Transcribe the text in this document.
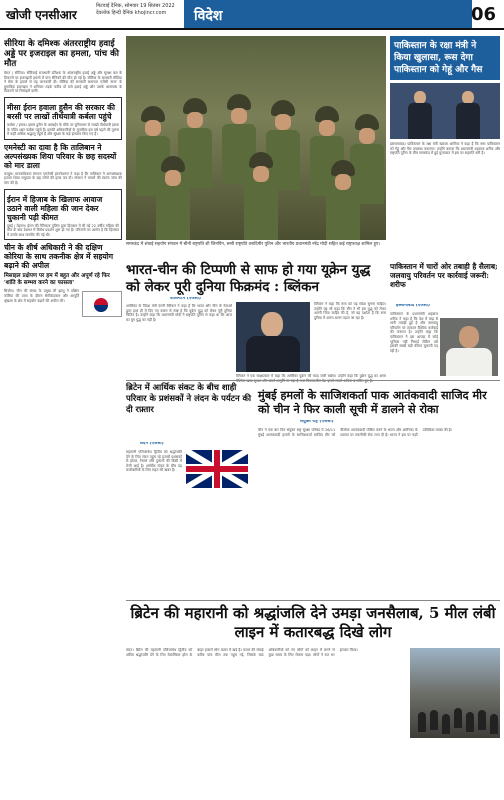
खोजी एनसीआर
मिटवाई दैनिक, सोमवार 19 सितंबर 2022
देवलोक हिन्दी दैनिक khojincr.com	विदेश	06
सीरिया के दमिश्क अंतरराष्ट्रीय हवाई अड्डे पर इजराइल का हमला, पांच की मौत
बेरुत / सीरिया। सीरियाई राजधानी दमिश्क के अंतरराष्ट्रीय हवाई अड्डे और सुरक्षा बल के ठिकानों पर इजराइली हमलों में पांच सैनिकों की मौत हो गई है। सीरिया के सरकारी मीडिया ने सेना के हवाले से यह जानकारी दी। सीरिया की सरकारी समाचार एजेंसी 'सना' के मुताबिक इजराइल ने शनिवार तड़के करीब दो बजे हवाई अड्डे और उसके आसपास के ठिकानों पर मिसाइलें दागीं।
मीसा ईरान हवाला हुसैन की सरकार की बरसी पर लाखों तीर्थयात्री कर्बला पहुंचे
कर्बला / इराक। इमाम हुसैन के अरबईन के मौके पर दुनियाभर से लाखों तीर्थयात्री इराक के पवित्र शहर कर्बला पहुंचे हैं। इराकी अधिकारियों के मुताबिक इस वर्ष पहले की तुलना में कहीं अधिक श्रद्धालु पहुंचे हैं और सुरक्षा के कड़े इंतजाम किए गए हैं।
एमनेस्टी का दावा है कि तालिबान ने अल्पसंख्यक शिया परिवार के छह सदस्यों को मार डाला
काबुल। मानवाधिकार संगठन एमनेस्टी इंटरनेशनल ने कहा है कि तालिबान ने अल्पसंख्यक हजारा शिया समुदाय के छह लोगों की हत्या कर दी। संगठन ने मामले की स्वतंत्र जांच की मांग की है।
ईरान में हिजाब के खिलाफ आवाज उठाने वाली महिला की जान देकर चुकानी पड़ी कीमत
दुबई / तेहरान। ईरान की नैतिकता पुलिस द्वारा हिरासत में ली गई 22 वर्षीय महिला की मौत के बाद देशभर में विरोध प्रदर्शन शुरू हो गए हैं। परिजनों का आरोप है कि हिरासत में उसके साथ मारपीट की गई थी।
चीन के शीर्ष अधिकारी ने की दक्षिण कोरिया के साथ तकनीक क्षेत्र में सहयोग बढ़ाने की अपील
मिसाइल प्रक्षेपण पर हम में बहुत और अपूर्ण रहे फिर 'शांति के सम्भव करने का फासला'
सियोल। चीन की संसद के प्रमुख ली झांशु ने दक्षिण कोरिया की यात्रा के दौरान सेमीकंडक्टर और आपूर्ति श्रृंखला के क्षेत्र में सहयोग बढ़ाने की अपील की।
समरकंद में शंघाई सहयोग संगठन में चीनी राष्ट्रपति शी जिनपिंग, रूसी राष्ट्रपति व्लादिमीर पुतिन और भारतीय प्रधानमंत्री नरेंद्र मोदी सहित कई राष्ट्राध्यक्ष शामिल हुए।
पाकिस्तान के रक्षा मंत्री ने किया खुलासा, रूस देगा पाकिस्तान को गेहूं और गैस
इस्लामाबाद। पाकिस्तान के रक्षा मंत्री ख्वाजा आसिफ ने कहा है कि रूस पाकिस्तान को गेहूं और गैस उपलब्ध कराएगा। उन्होंने बताया कि प्रधानमंत्री शहबाज शरीफ और राष्ट्रपति पुतिन के बीच समरकंद में हुई मुलाकात में इस पर सहमति बनी है।
भारत-चीन की टिप्पणी से साफ हो गया यूक्रेन युद्ध को लेकर पूरी दुनिया फिक्रमंद : ब्लिंकन
वॉशिंगटन (एजेंसी)
अमेरिका के विदेश मंत्री एंटनी ब्लिंकन ने कहा है कि भारत और चीन के नेताओं द्वारा हाल ही में दिए गए बयान से स्पष्ट है कि यूक्रेन युद्ध को लेकर पूरी दुनिया चिंतित है। उन्होंने कहा कि प्रधानमंत्री मोदी ने राष्ट्रपति पुतिन से कहा था कि आज का युग युद्ध का नहीं है।
ब्लिंकन ने कहा कि रूस को यह संदेश सुनना चाहिए। उन्होंने यह भी कहा कि चीन ने भी इस युद्ध को लेकर अपनी चिंता जाहिर की है, जो यह दर्शाता है कि रूस दुनिया में अलग-थलग पड़ता जा रहा है।
ब्लिंकन ने एक साक्षात्कार में कहा कि अमेरिका यूक्रेन की मदद जारी रखेगा। उन्होंने कहा कि यूक्रेन युद्ध का असर
पाकिस्तान में चारों ओर तबाही है सैलाब; जलवायु परिवर्तन पर कार्रवाई जरूरी: शरीफ
इस्लामाबाद (एजेंसी)
पाकिस्तान के प्रधानमंत्री शहबाज शरीफ ने कहा है कि देश में बाढ़ से भारी तबाही हुई है और जलवायु परिवर्तन पर तत्काल वैश्विक कार्रवाई की जरूरत है। उन्होंने कहा कि पाकिस्तान ने इस आपदा में कोई भूमिका नहीं निभाई लेकिन उसे इसकी सबसे बड़ी कीमत चुकानी पड़ रही है।
ब्रिटेन में आर्थिक संकट के बीच शाही परिवार के प्रशंसकों ने लंदन के पर्यटन की दी रफ़्तार
लंदन (एजेंसी)
महारानी एलिजाबेथ द्वितीय को श्रद्धांजलि देने के लिए लंदन पहुंच रहे हजारों प्रशंसकों से होटल, रेस्तरां और दुकानों की बिक्री में तेजी आई है। आर्थिक संकट के बीच यह कारोबारियों के लिए राहत की खबर है।
मुंबई हमलों के साजिशकर्ता पाक आतंकवादी साजिद मीर को चीन ने फिर काली सूची में डालने से रोका
संयुक्त राष्ट्र (एजेंसी)
चीन ने एक बार फिर संयुक्त राष्ट्र सुरक्षा परिषद में 26/11 मुंबई आतंकवादी हमलों के साजिशकर्ता साजिद मीर को वैश्विक आतंकवादी घोषित करने के भारत और अमेरिका के प्रस्ताव पर तकनीकी रोक लगा दी है। भारत ने इस पर कड़ी प्रतिक्रिया व्यक्त की है।
ब्रिटेन की महारानी को श्रद्धांजलि देने उमड़ा जनसैलाब, 5 मील लंबी लाइन में कतारबद्ध दिखे लोग
लंदन। ब्रिटेन की महारानी एलिजाबेथ द्वितीय को अंतिम श्रद्धांजलि देने के लिए वेस्टमिंस्टर हॉल के बाहर हजारों लोग कतार में खड़े हैं। कतार की लंबाई करीब पांच मील तक पहुंच गई, जिसके बाद अधिकारियों को नए लोगों को लाइन में लगने से कुछ समय के लिए रोकना पड़ा। लोगों ने रात भर इंतजार किया।
